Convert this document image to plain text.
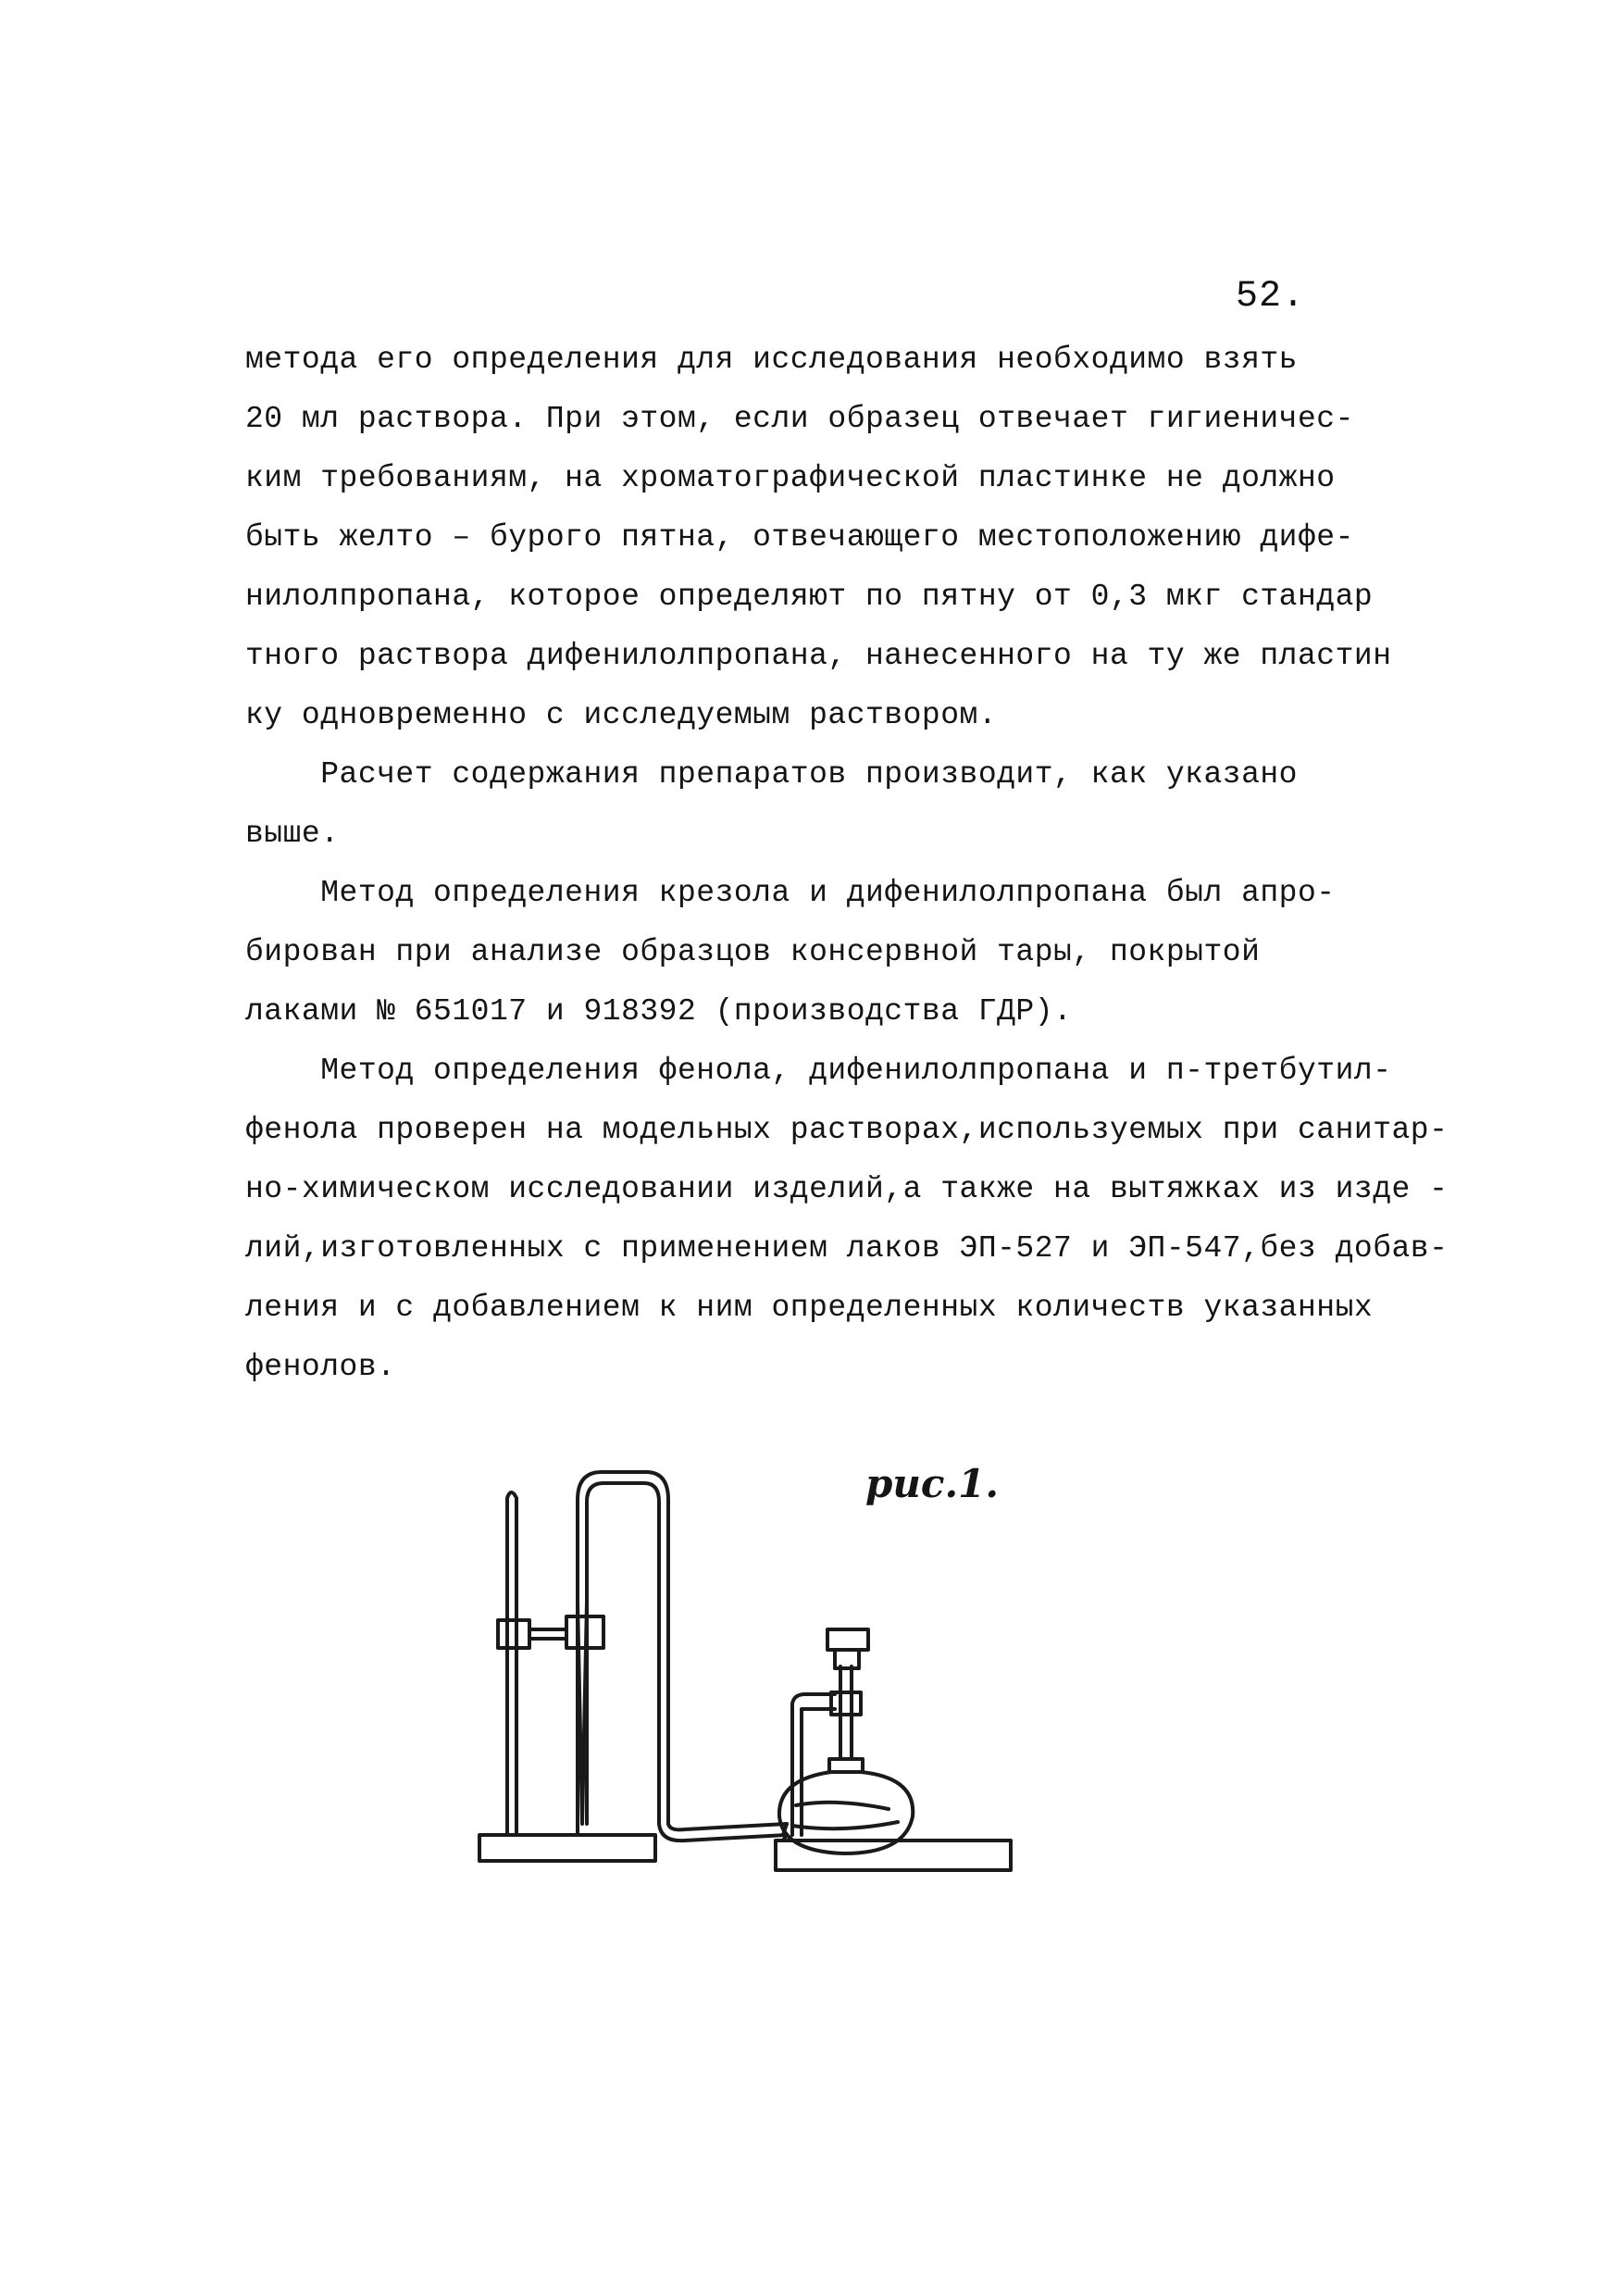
52.
метода его определения для исследования необходимо взять
20 мл раствора. При этом, если образец отвечает гигиеничес-
ким требованиям, на хроматографической пластинке не должно
быть желто – бурого пятна, отвечающего местоположению дифе-
нилолпропана, которое определяют по пятну от 0,3 мкг стандар
тного раствора дифенилолпропана, нанесенного на ту же пластин
ку одновременно с исследуемым раствором.
Расчет содержания препаратов производит, как указано
выше.
Метод определения крезола и дифенилолпропана был апро-
бирован при анализе образцов консервной тары, покрытой
лаками № 651017 и 918392 (производства ГДР).
Метод определения фенола, дифенилолпропана и п-третбутил-
фенола проверен на модельных растворах,используемых при санитар-
но-химическом исследовании изделий,а также на вытяжках из изде -
лий,изготовленных с применением лаков ЭП-527 и ЭП-547,без добав-
ления и с добавлением к ним определенных количеств указанных
фенолов.
рис.1.
